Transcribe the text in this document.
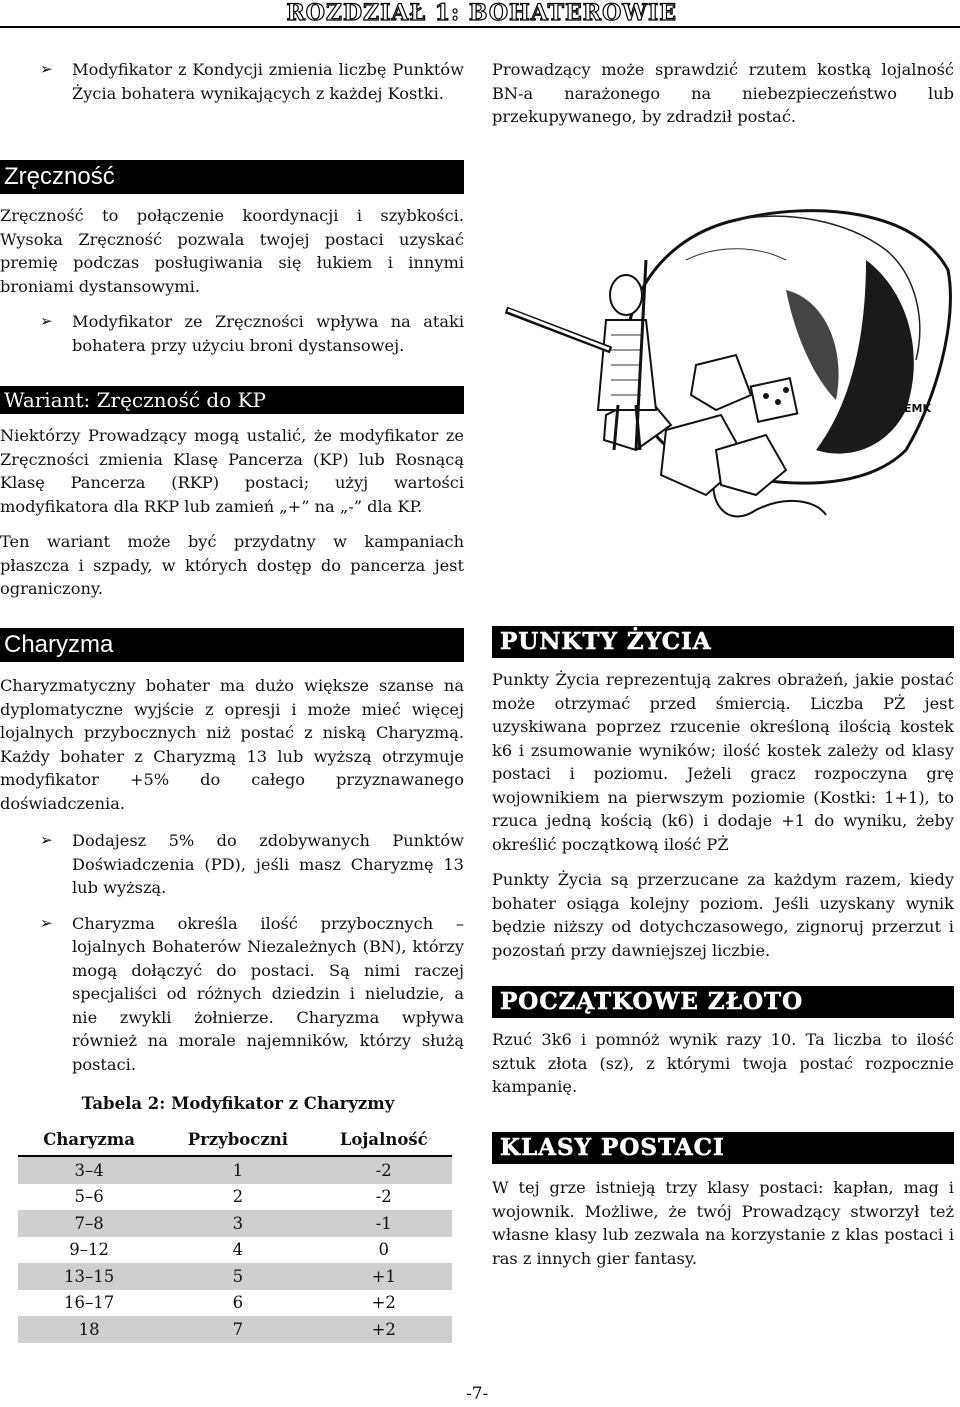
ROZDZIAŁ 1: BOHATEROWIE
➢ Modyfikator z Kondycji zmienia liczbę Punktów Życia bohatera wynikających z każdej Kostki.

Prowadzący może sprawdzić rzutem kostką lojalność BN-a narażonego na niebezpieczeństwo lub przekupywanego, by zdradził postać.

Zręczność

Zręczność to połączenie koordynacji i szybkości. Wysoka Zręczność pozwala twojej postaci uzyskać premię podczas posługiwania się łukiem i innymi broniami dystansowymi.

➢ Modyfikator ze Zręczności wpływa na ataki bohatera przy użyciu broni dystansowej.
Wariant: Zręczność do KP

Niektórzy Prowadzący mogą ustalić, że modyfikator ze Zręczności zmienia Klasę Pancerza (KP) lub Rosnącą Klasę Pancerza (RKP) postaci; użyj wartości modyfikatora dla RKP lub zamień „+” na „-” dla KP.

Ten wariant może być przydatny w kampaniach płaszcza i szpady, w których dostęp do pancerza jest ograniczony.

EMK
Charyzma

Charyzmatyczny bohater ma dużo większe szanse na dyplomatyczne wyjście z opresji i może mieć więcej lojalnych przybocznych niż postać z niską Charyzmą. Każdy bohater z Charyzmą 13 lub wyższą otrzymuje modyfikator +5% do całego przyznawanego doświadczenia.

➢ Dodajesz 5% do zdobywanych Punktów Doświadczenia (PD), jeśli masz Charyzmę 13 lub wyższą.
➢ Charyzma określa ilość przybocznych – lojalnych Bohaterów Niezależnych (BN), którzy mogą dołączyć do postaci. Są nimi raczej specjaliści od różnych dziedzin i nieludzie, a nie zwykli żołnierze. Charyzma wpływa również na morale najemników, którzy służą postaci.
Tabela 2: Modyfikator z Charyzmy
Charyzma	Przyboczni	Lojalność
3–4	1	-2
5–6	2	-2
7–8	3	-1
9–12	4	0
13–15	5	+1
16–17	6	+2
18	7	+2
PUNKTY ŻYCIA

Punkty Życia reprezentują zakres obrażeń, jakie postać może otrzymać przed śmiercią. Liczba PŻ jest uzyskiwana poprzez rzucenie określoną ilością kostek k6 i zsumowanie wyników; ilość kostek zależy od klasy postaci i poziomu. Jeżeli gracz rozpoczyna grę wojownikiem na pierwszym poziomie (Kostki: 1+1), to rzuca jedną kością (k6) i dodaje +1 do wyniku, żeby określić początkową ilość PŻ

Punkty Życia są przerzucane za każdym razem, kiedy bohater osiąga kolejny poziom. Jeśli uzyskany wynik będzie niższy od dotychczasowego, zignoruj przerzut i pozostań przy dawniejszej liczbie.

POCZĄTKOWE ZŁOTO

Rzuć 3k6 i pomnóż wynik razy 10. Ta liczba to ilość sztuk złota (sz), z którymi twoja postać rozpocznie kampanię.

KLASY POSTACI

W tej grze istnieją trzy klasy postaci: kapłan, mag i wojownik. Możliwe, że twój Prowadzący stworzył też własne klasy lub zezwala na korzystanie z klas postaci i ras z innych gier fantasy.

-7-
